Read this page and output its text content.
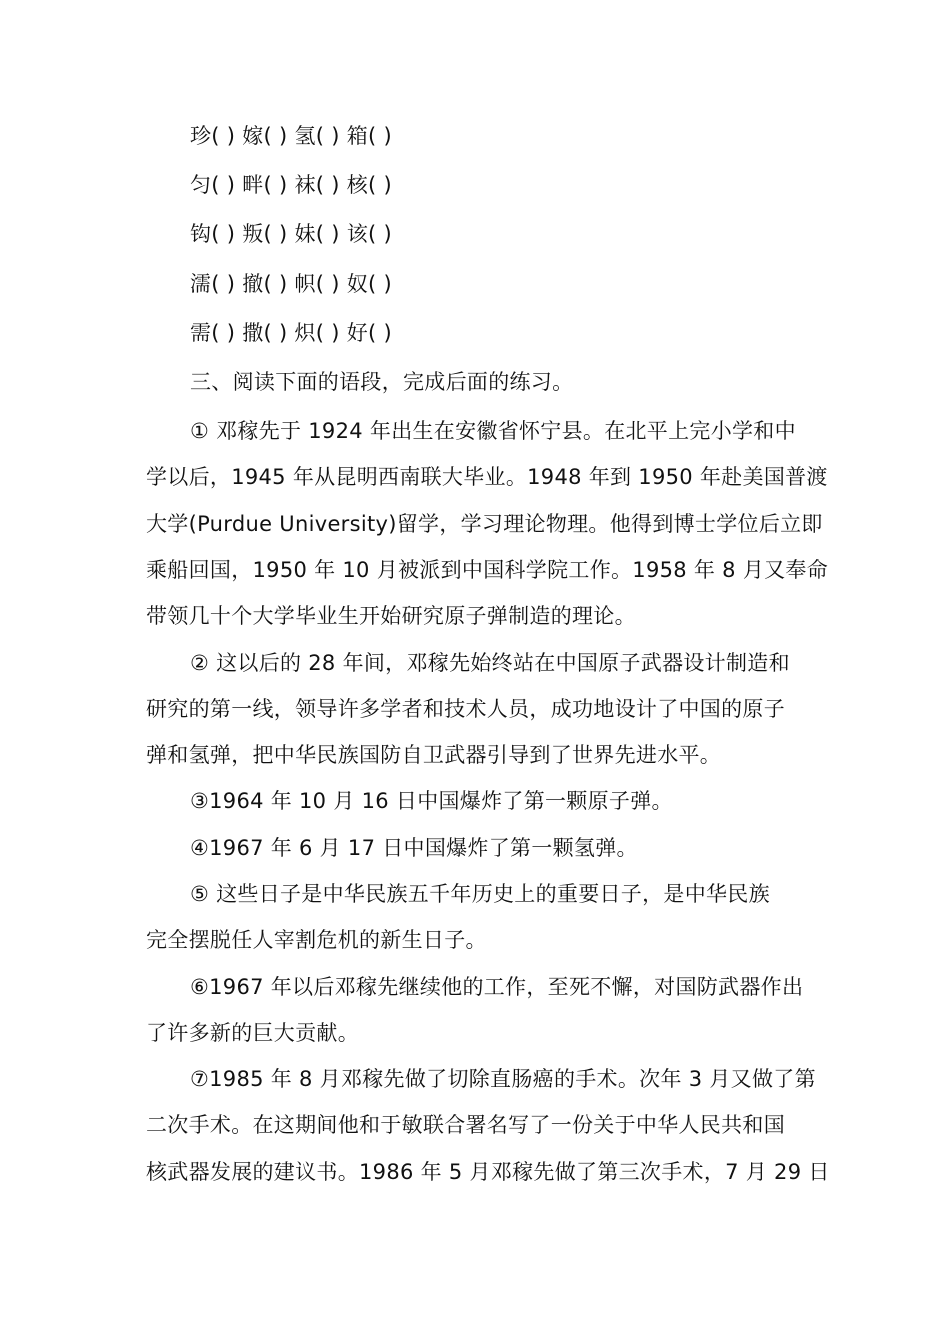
珍( ) 嫁( ) 氢( ) 箱( )
匀( ) 畔( ) 袜( ) 核( )
钩( ) 叛( ) 妹( ) 该( )
濡( ) 撤( ) 帜( ) 奴( )
需( ) 撒( ) 炽( ) 好( )
三、阅读下面的语段，完成后面的练习。
① 邓稼先于 1924 年出生在安徽省怀宁县。在北平上完小学和中
学以后，1945 年从昆明西南联大毕业。1948 年到 1950 年赴美国普渡
大学(Purdue University)留学，学习理论物理。他得到博士学位后立即
乘船回国，1950 年 10 月被派到中国科学院工作。1958 年 8 月又奉命
带领几十个大学毕业生开始研究原子弹制造的理论。
② 这以后的 28 年间，邓稼先始终站在中国原子武器设计制造和
研究的第一线，领导许多学者和技术人员，成功地设计了中国的原子
弹和氢弹，把中华民族国防自卫武器引导到了世界先进水平。
③1964 年 10 月 16 日中国爆炸了第一颗原子弹。
④1967 年 6 月 17 日中国爆炸了第一颗氢弹。
⑤ 这些日子是中华民族五千年历史上的重要日子，是中华民族
完全摆脱任人宰割危机的新生日子。
⑥1967 年以后邓稼先继续他的工作，至死不懈，对国防武器作出
了许多新的巨大贡献。
⑦1985 年 8 月邓稼先做了切除直肠癌的手术。次年 3 月又做了第
二次手术。在这期间他和于敏联合署名写了一份关于中华人民共和国
核武器发展的建议书。1986 年 5 月邓稼先做了第三次手术，7 月 29 日
